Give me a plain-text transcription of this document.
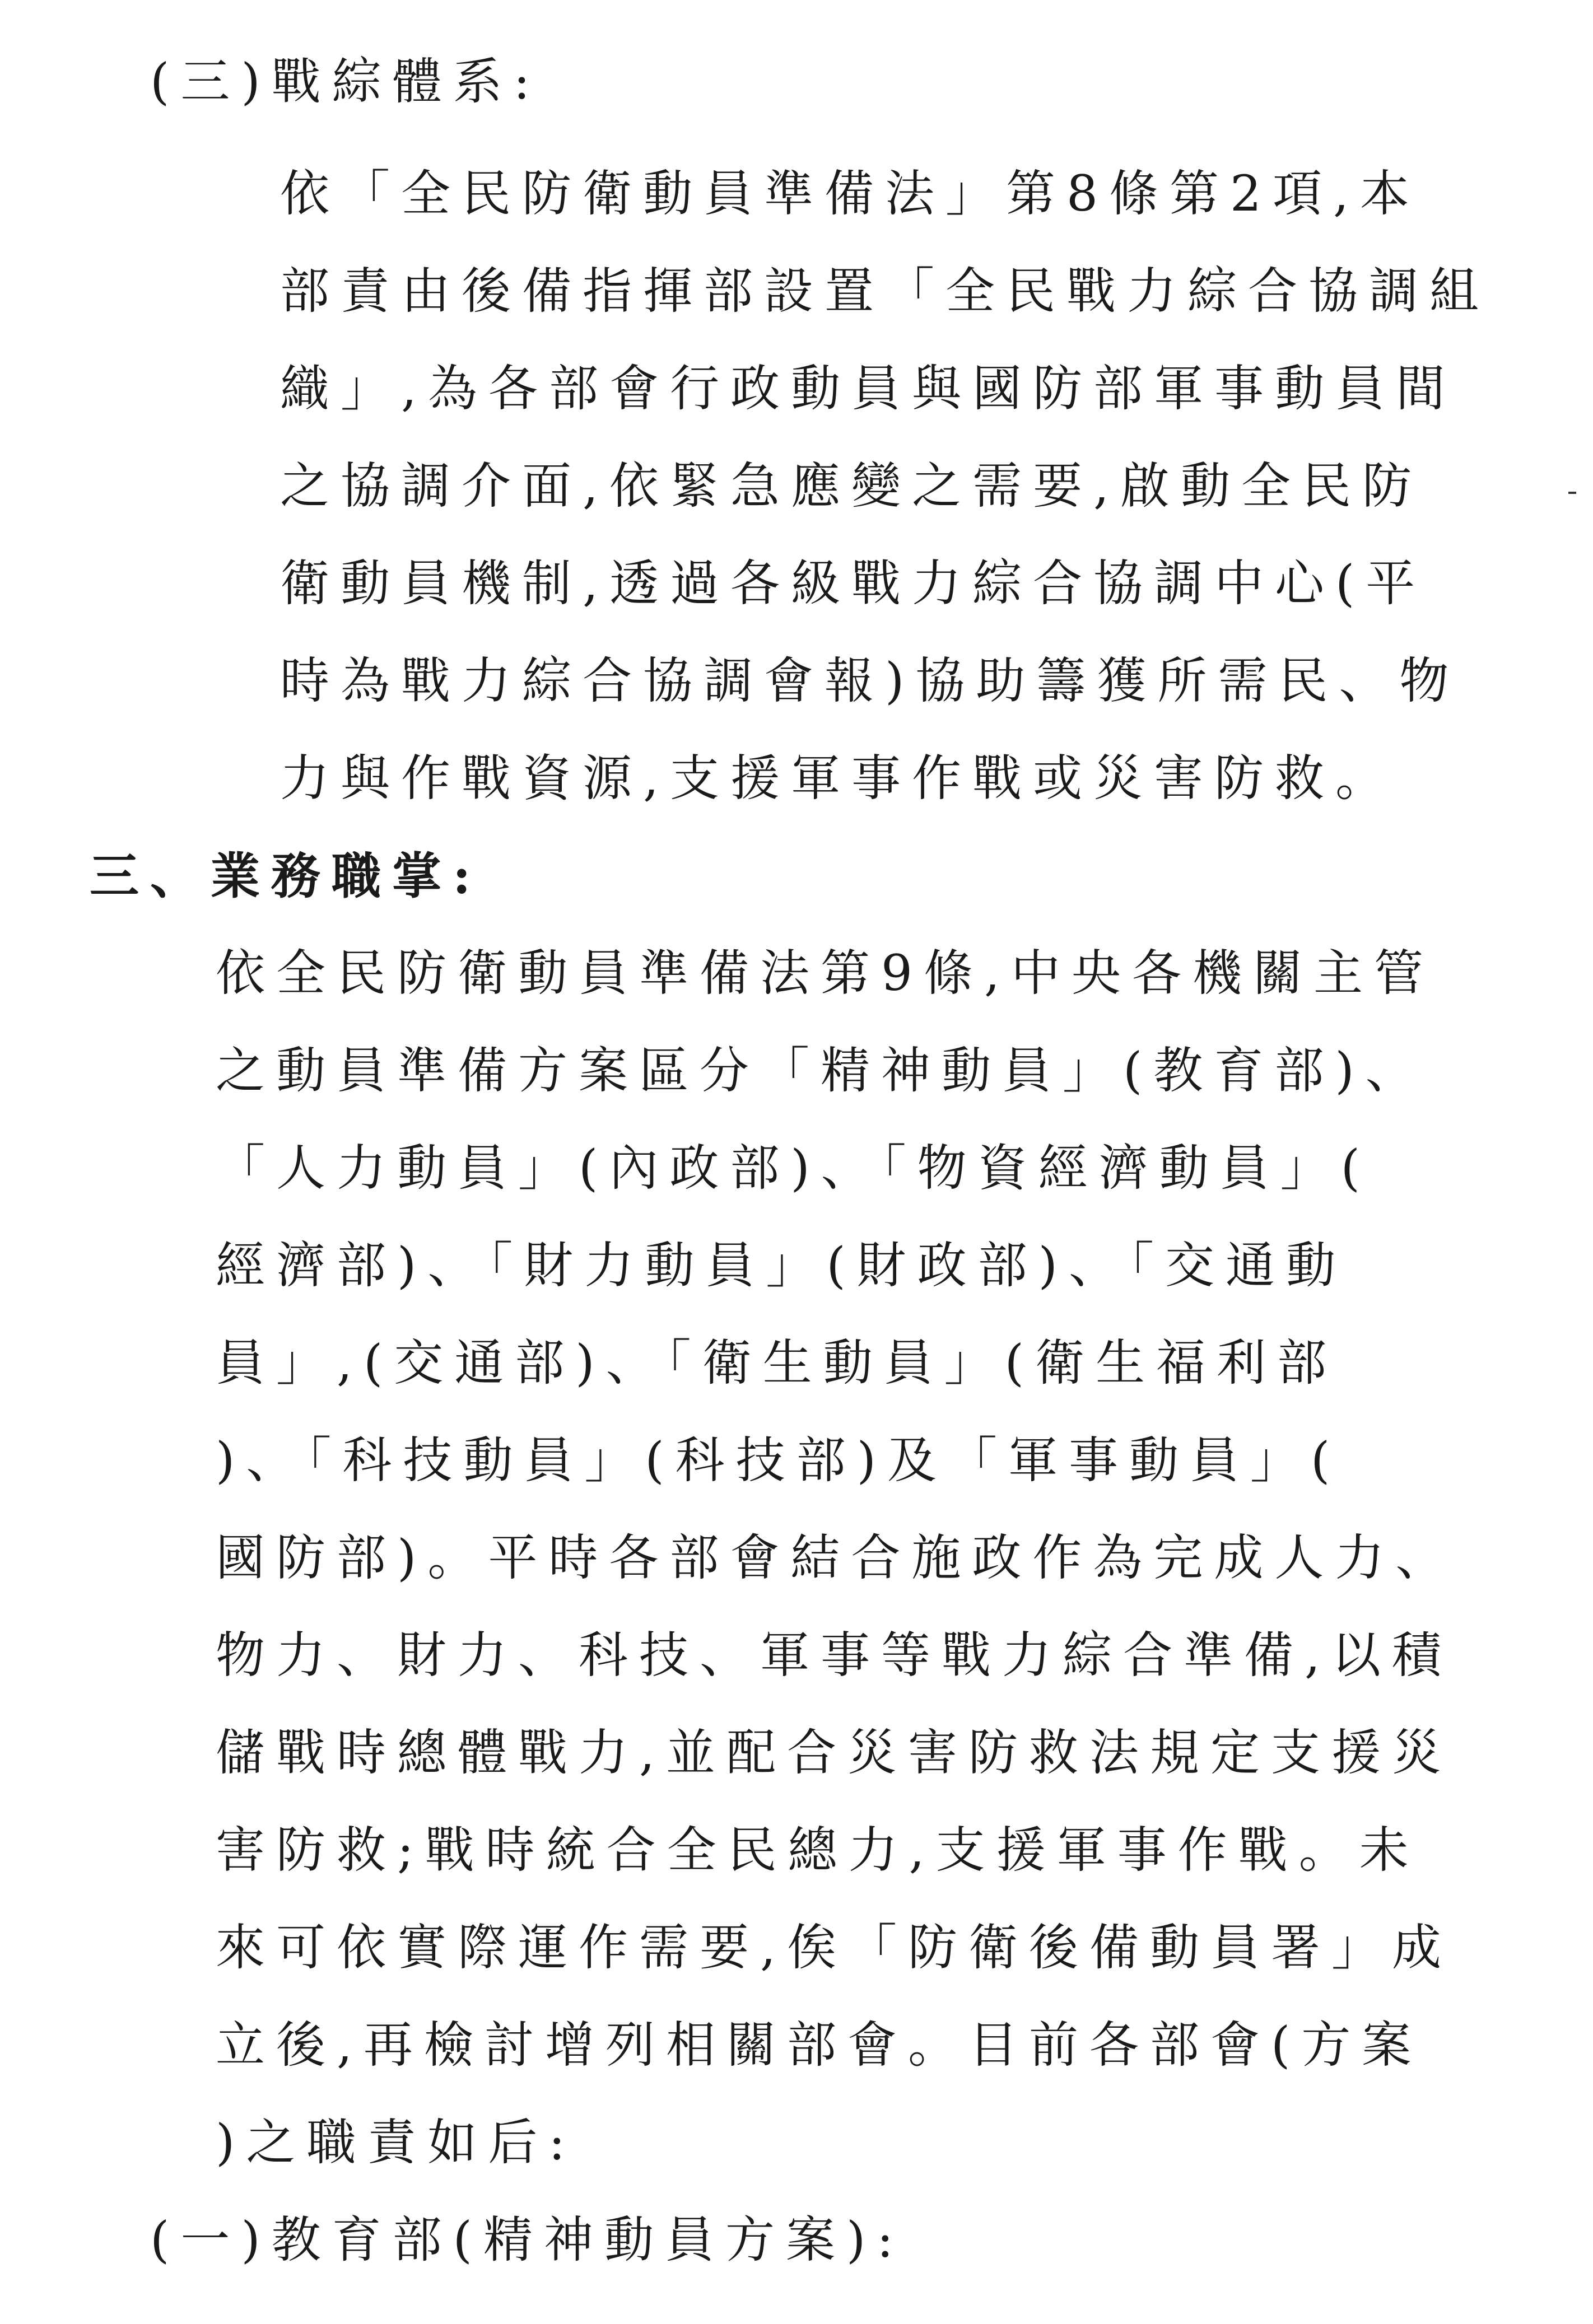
(三)戰綜體系:
依「全民防衛動員準備法」第8條第2項,本
部責由後備指揮部設置「全民戰力綜合協調組
織」,為各部會行政動員與國防部軍事動員間
之協調介面,依緊急應變之需要,啟動全民防
衛動員機制,透過各級戰力綜合協調中心(平
時為戰力綜合協調會報)協助籌獲所需民、物
力與作戰資源,支援軍事作戰或災害防救。
三、業務職掌:
依全民防衛動員準備法第9條,中央各機關主管
之動員準備方案區分「精神動員」(教育部)、
「人力動員」(內政部)、「物資經濟動員」(
經濟部)、「財力動員」(財政部)、「交通動
員」,(交通部)、「衛生動員」(衛生福利部
)、「科技動員」(科技部)及「軍事動員」(
國防部)。平時各部會結合施政作為完成人力、
物力、財力、科技、軍事等戰力綜合準備,以積
儲戰時總體戰力,並配合災害防救法規定支援災
害防救;戰時統合全民總力,支援軍事作戰。未
來可依實際運作需要,俟「防衛後備動員署」成
立後,再檢討增列相關部會。目前各部會(方案
)之職責如后:
(一)教育部(精神動員方案):
